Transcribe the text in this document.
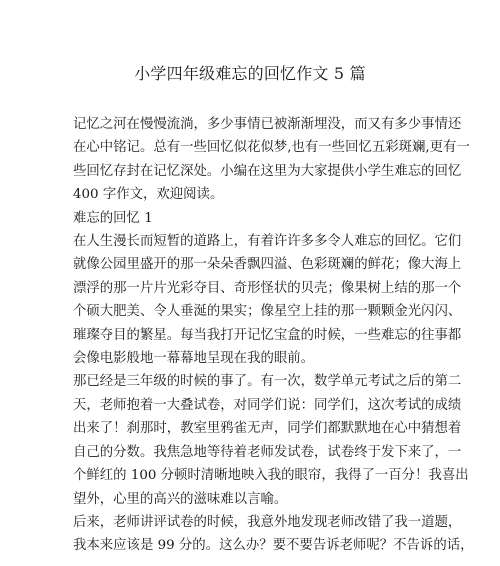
小学四年级难忘的回忆作文 5 篇

记忆之河在慢慢流淌，多少事情已被渐渐埋没，而又有多少事情还
在心中铭记。总有一些回忆似花似梦,也有一些回忆五彩斑斓,更有一
些回忆存封在记忆深处。小编在这里为大家提供小学生难忘的回忆
400 字作文，欢迎阅读。

难忘的回忆 1

在人生漫长而短暂的道路上，有着许许多多令人难忘的回忆。它们
就像公园里盛开的那一朵朵香飘四溢、色彩斑斓的鲜花；像大海上
漂浮的那一片片光彩夺目、奇形怪状的贝壳；像果树上结的那一个
个硕大肥美、令人垂涎的果实；像星空上挂的那一颗颗金光闪闪、
璀璨夺目的繁星。每当我打开记忆宝盒的时候，一些难忘的往事都
会像电影般地一幕幕地呈现在我的眼前。

那已经是三年级的时候的事了。有一次，数学单元考试之后的第二
天，老师抱着一大叠试卷，对同学们说：同学们，这次考试的成绩
出来了！刹那时，教室里鸦雀无声，同学们都默默地在心中猜想着
自己的分数。我焦急地等待着老师发试卷，试卷终于发下来了，一
个鲜红的 100 分顿时清晰地映入我的眼帘，我得了一百分！我喜出
望外，心里的高兴的滋味难以言喻。

后来，老师讲评试卷的时候，我意外地发现老师改错了我一道题，
我本来应该是 99 分的。这么办？要不要告诉老师呢？不告诉的话，
